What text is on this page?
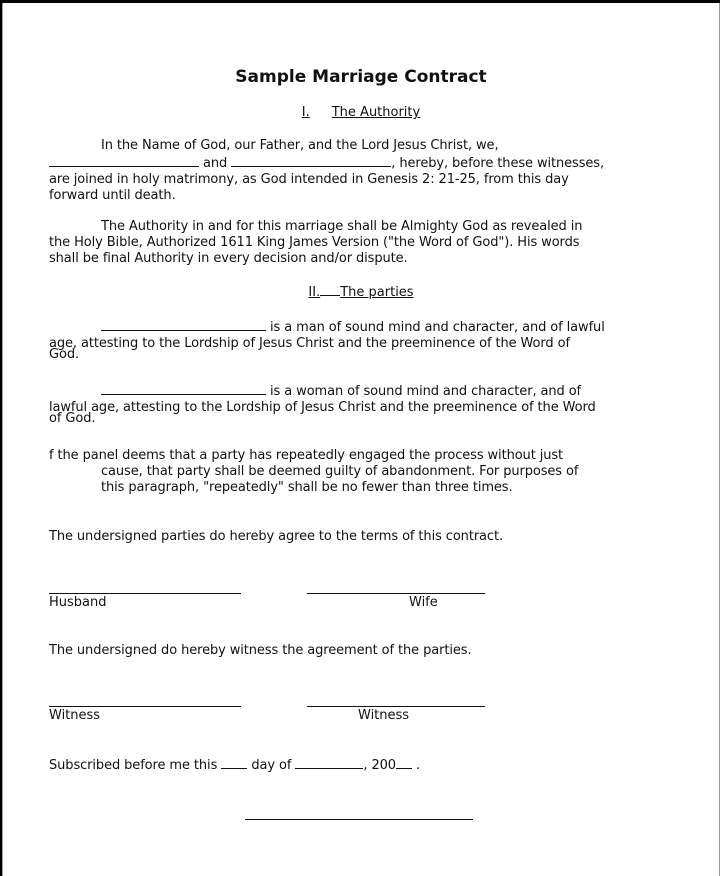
Sample Marriage Contract
I. The Authority
In the Name of God, our Father, and the Lord Jesus Christ, we,
and	, hereby, before these witnesses,
are joined in holy matrimony, as God intended in Genesis 2: 21-25, from this day
forward until death.
The Authority in and for this marriage shall be Almighty God as revealed in
the Holy Bible, Authorized 1611 King James Version ("the Word of God"). His words
shall be final Authority in every decision and/or dispute.
II. The parties
is a man of sound mind and character, and of lawful
age, attesting to the Lordship of Jesus Christ and the preeminence of the Word of
God.
is a woman of sound mind and character, and of
lawful age, attesting to the Lordship of Jesus Christ and the preeminence of the Word
of God.
f the panel deems that a party has repeatedly engaged the process without just
cause, that party shall be deemed guilty of abandonment. For purposes of
this paragraph, "repeatedly" shall be no fewer than three times.
The undersigned parties do hereby agree to the terms of this contract.
Husband	Wife
The undersigned do hereby witness the agreement of the parties.
Witness	Witness
Subscribed before me this	day of	, 200 .
